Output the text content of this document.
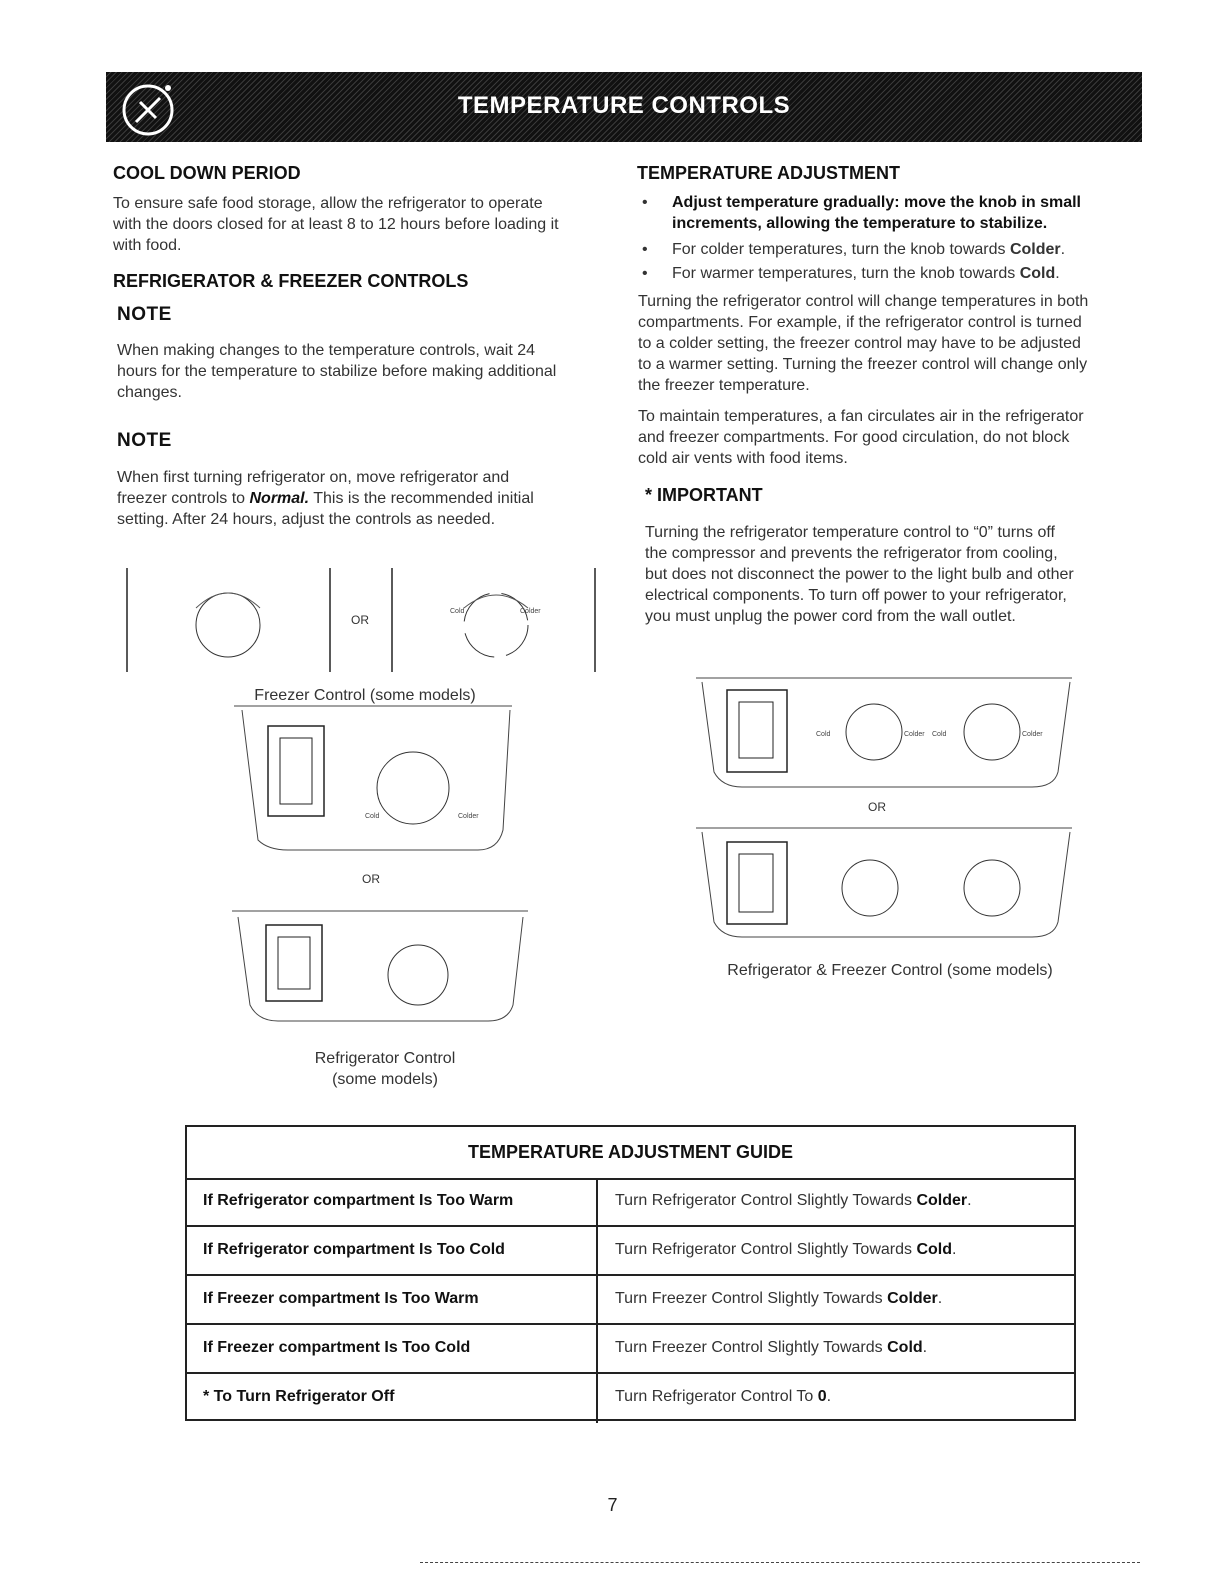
TEMPERATURE CONTROLS
COOL DOWN PERIOD
To ensure safe food storage, allow the refrigerator to operate
with the doors closed for at least 8 to 12 hours before loading it
with food.
REFRIGERATOR & FREEZER CONTROLS
NOTE
When making changes to the temperature controls, wait 24
hours for the temperature to stabilize before making additional
changes.
NOTE
When first turning refrigerator on, move refrigerator and
freezer controls to Normal. This is the recommended initial
setting. After 24 hours, adjust the controls as needed.
Cold	Colder
OR
Freezer Control (some models)
Cold	Colder
OR
Refrigerator Control
(some models)
TEMPERATURE ADJUSTMENT
• Adjust temperature gradually: move the knob in small
increments, allowing the temperature to stabilize.
• For colder temperatures, turn the knob towards Colder.
• For warmer temperatures, turn the knob towards Cold.
Turning the refrigerator control will change temperatures in both
compartments. For example, if the refrigerator control is turned
to a colder setting, the freezer control may have to be adjusted
to a warmer setting. Turning the freezer control will change only
the freezer temperature.
To maintain temperatures, a fan circulates air in the refrigerator
and freezer compartments. For good circulation, do not block
cold air vents with food items.
* IMPORTANT
Turning the refrigerator temperature control to “0” turns off
the compressor and prevents the refrigerator from cooling,
but does not disconnect the power to the light bulb and other
electrical components. To turn off power to your refrigerator,
you must unplug the power cord from the wall outlet.
Cold	Colder Cold	Colder
OR
Refrigerator & Freezer Control (some models)
TEMPERATURE ADJUSTMENT GUIDE
If Refrigerator compartment Is Too Warm	Turn Refrigerator Control Slightly Towards Colder.
If Refrigerator compartment Is Too Cold	Turn Refrigerator Control Slightly Towards Cold.
If Freezer compartment Is Too Warm	Turn Freezer Control Slightly Towards Colder.
If Freezer compartment Is Too Cold	Turn Freezer Control Slightly Towards Cold.
* To Turn Refrigerator Off	Turn Refrigerator Control To 0.
7
